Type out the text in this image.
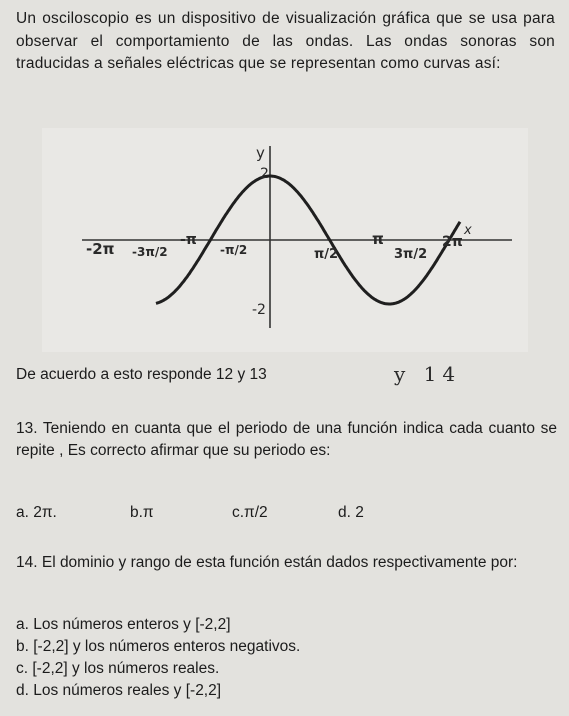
Un osciloscopio es un dispositivo de visualización gráfica que se usa para observar el comportamiento de las ondas. Las ondas sonoras son traducidas a señales eléctricas que se representan como curvas así:
y
2
-2
x
-2π -3π/2
-π
-π/2	π/2
π
3π/2
2π
De acuerdo a esto responde 12 y 13	y 14
13. Teniendo en cuanta que el periodo de una función indica cada cuanto se repite , Es correcto afirmar que su periodo es:
a. 2π.	b.π	c.π/2	d. 2
14. El dominio y rango de esta función están dados respectivamente por:
a. Los números enteros y [-2,2]
b. [-2,2] y los números enteros negativos.
c. [-2,2] y los números reales.
d. Los números reales y [-2,2]
